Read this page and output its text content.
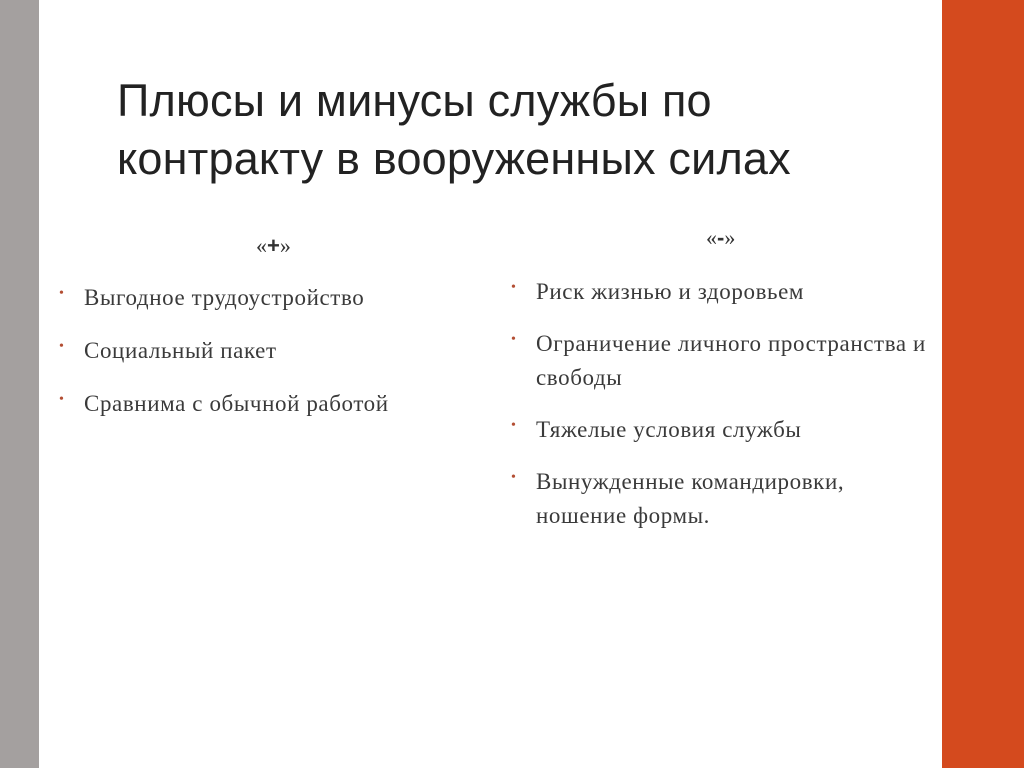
Плюсы и минусы службы по
контракту в вооруженных силах
«+»	«-»
• Выгодное трудоустройство
• Социальный пакет
• Сравнима с обычной работой
• Риск жизнью и здоровьем
• Ограничение личного пространства и свободы
• Тяжелые условия службы
• Вынужденные командировки, ношение формы.
